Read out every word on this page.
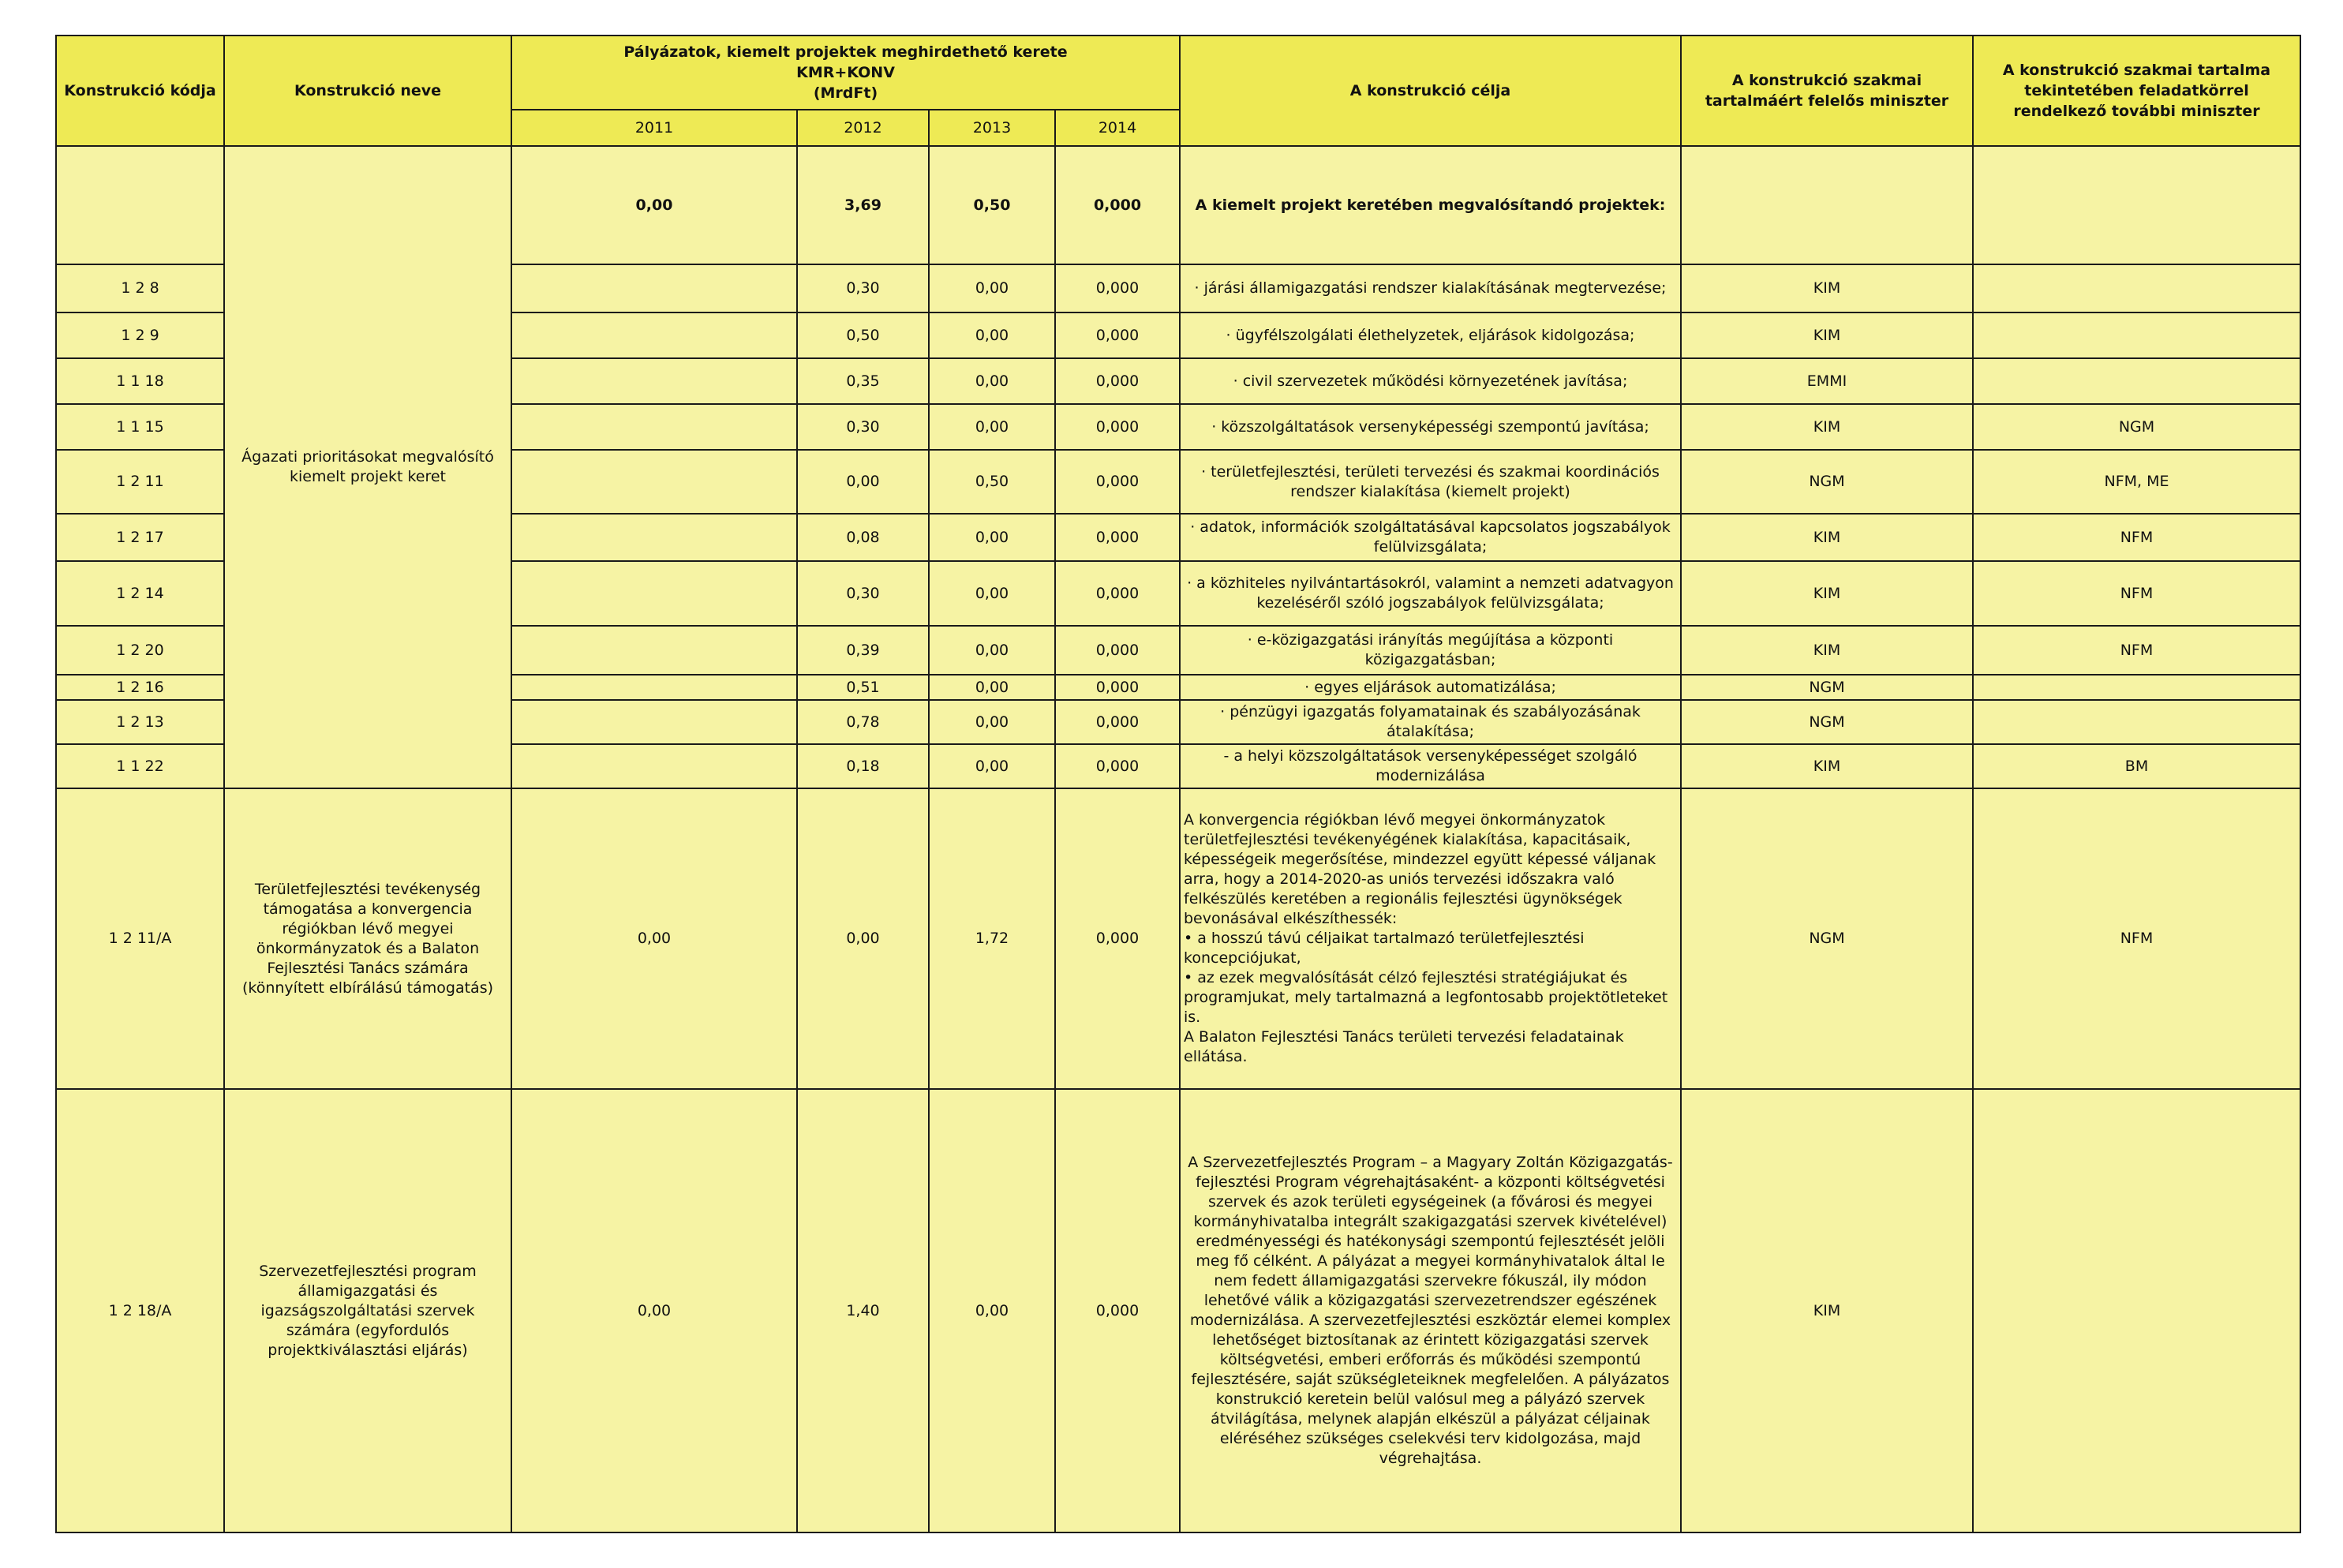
Konstrukció kódja	Konstrukció neve	Pályázatok, kiemelt projektek meghirdethető kerete
KMR+KONV
(MrdFt)				A konstrukció célja	A konstrukció szakmai tartalmáért felelős miniszter	A konstrukció szakmai tartalma tekintetében feladatkörrel rendelkező további miniszter
		2011	2012	2013	2014			
	Ágazati prioritásokat megvalósító kiemelt projekt keret	0,00	3,69	0,50	0,000	A kiemelt projekt keretében megvalósítandó projektek:		
1 2 8			0,30	0,00	0,000	· járási államigazgatási rendszer kialakításának megtervezése;	KIM	
1 2 9			0,50	0,00	0,000	· ügyfélszolgálati élethelyzetek, eljárások kidolgozása;	KIM	
1 1 18			0,35	0,00	0,000	· civil szervezetek működési környezetének javítása;	EMMI	
1 1 15			0,30	0,00	0,000	· közszolgáltatások versenyképességi szempontú javítása;	KIM	NGM
1 2 11			0,00	0,50	0,000	· területfejlesztési, területi tervezési és szakmai koordinációs rendszer kialakítása (kiemelt projekt)	NGM	NFM, ME
1 2 17			0,08	0,00	0,000	· adatok, információk szolgáltatásával kapcsolatos jogszabályok felülvizsgálata;	KIM	NFM
1 2 14			0,30	0,00	0,000	· a közhiteles nyilvántartásokról, valamint a nemzeti adatvagyon kezeléséről szóló jogszabályok felülvizsgálata;	KIM	NFM
1 2 20			0,39	0,00	0,000	· e-közigazgatási irányítás megújítása a központi közigazgatásban;	KIM	NFM
1 2 16			0,51	0,00	0,000	· egyes eljárások automatizálása;	NGM	
1 2 13			0,78	0,00	0,000	· pénzügyi igazgatás folyamatainak és szabályozásának átalakítása;	NGM	
1 1 22			0,18	0,00	0,000	- a helyi közszolgáltatások versenyképességet szolgáló modernizálása	KIM	BM
1 2 11/A	Területfejlesztési tevékenység támogatása a konvergencia régiókban lévő megyei önkormányzatok és a Balaton Fejlesztési Tanács számára (könnyített elbírálású támogatás)	0,00	0,00	1,72	0,000	A konvergencia régiókban lévő megyei önkormányzatok területfejlesztési tevékenyégének kialakítása, kapacitásaik, képességeik megerősítése, mindezzel együtt képessé váljanak arra, hogy a 2014-2020-as uniós tervezési időszakra való felkészülés keretében a regionális fejlesztési ügynökségek bevonásával elkészíthessék:
• a hosszú távú céljaikat tartalmazó területfejlesztési koncepciójukat,
• az ezek megvalósítását célzó fejlesztési stratégiájukat és programjukat, mely tartalmazná a legfontosabb projektötleteket is.
A Balaton Fejlesztési Tanács területi tervezési feladatainak ellátása.	NGM	NFM
1 2 18/A	Szervezetfejlesztési program államigazgatási és igazságszolgáltatási szervek számára (egyfordulós projektkiválasztási eljárás)	0,00	1,40	0,00	0,000	A Szervezetfejlesztés Program – a Magyary Zoltán Közigazgatás-fejlesztési Program végrehajtásaként- a központi költségvetési szervek és azok területi egységeinek (a fővárosi és megyei kormányhivatalba integrált szakigazgatási szervek kivételével) eredményességi és hatékonysági szempontú fejlesztését jelöli meg fő célként. A pályázat a megyei kormányhivatalok által le nem fedett államigazgatási szervekre fókuszál, ily módon lehetővé válik a közigazgatási szervezetrendszer egészének modernizálása. A szervezetfejlesztési eszköztár elemei komplex lehetőséget biztosítanak az érintett közigazgatási szervek költségvetési, emberi erőforrás és működési szempontú fejlesztésére, saját szükségleteiknek megfelelően. A pályázatos konstrukció keretein belül valósul meg a pályázó szervek átvilágítása, melynek alapján elkészül a pályázat céljainak eléréséhez szükséges cselekvési terv kidolgozása, majd végrehajtása.	KIM	
